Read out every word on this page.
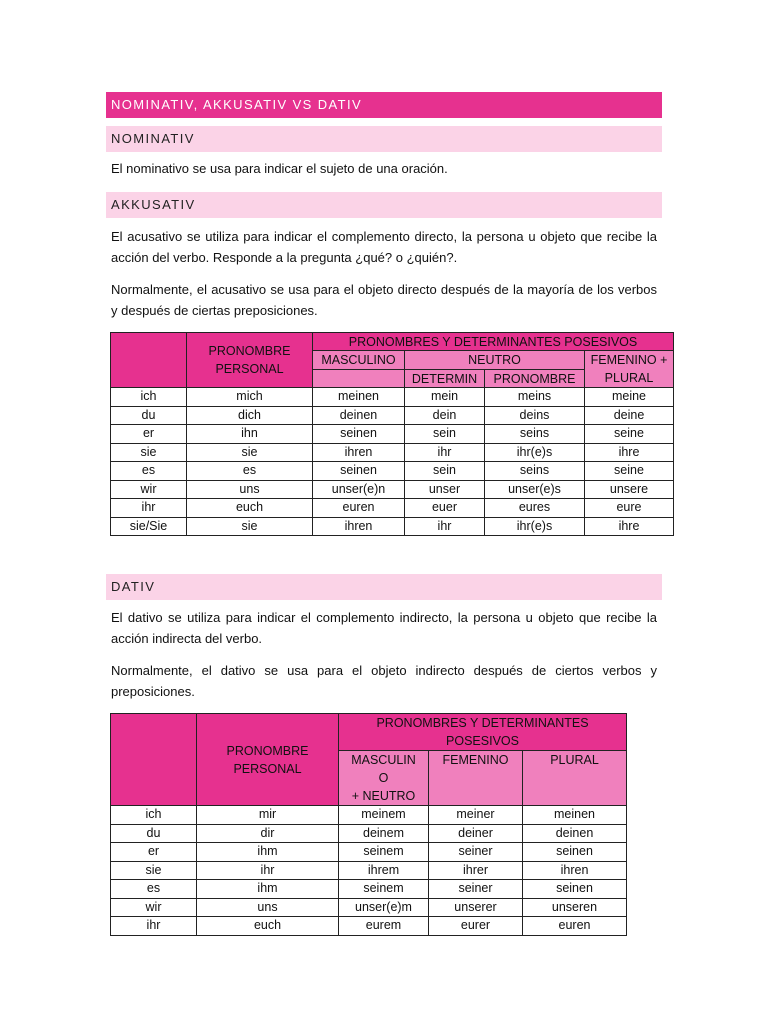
NOMINATIV, AKKUSATIV VS DATIV
NOMINATIV

El nominativo se usa para indicar el sujeto de una oración.

AKKUSATIV

El acusativo se utiliza para indicar el complemento directo, la persona u objeto que recibe la acción del verbo. Responde a la pregunta ¿qué? o ¿quién?.

Normalmente, el acusativo se usa para el objeto directo después de la mayoría de los verbos y después de ciertas preposiciones.

	PRONOMBRE PERSONAL	PRONOMBRES Y DETERMINANTES POSESIVOS			
		MASCULINO	NEUTRO		FEMENINO + PLURAL
			DETERMIN	PRONOMBRE	
ich	mich	meinen	mein	meins	meine
du	dich	deinen	dein	deins	deine
er	ihn	seinen	sein	seins	seine
sie	sie	ihren	ihr	ihr(e)s	ihre
es	es	seinen	sein	seins	seine
wir	uns	unser(e)n	unser	unser(e)s	unsere
ihr	euch	euren	euer	eures	eure
sie/Sie	sie	ihren	ihr	ihr(e)s	ihre
DATIV

El dativo se utiliza para indicar el complemento indirecto, la persona u objeto que recibe la acción indirecta del verbo.

Normalmente, el dativo se usa para el objeto indirecto después de ciertos verbos y preposiciones.

	PRONOMBRE PERSONAL	PRONOMBRES Y DETERMINANTES POSESIVOS		

		MASCULIN
O
+ NEUTRO	FEMENINO	PLURAL
ich	mir	meinem	meiner	meinen
du	dir	deinem	deiner	deinen
er	ihm	seinem	seiner	seinen
sie	ihr	ihrem	ihrer	ihren
es	ihm	seinem	seiner	seinen
wir	uns	unser(e)m	unserer	unseren
ihr	euch	eurem	eurer	euren
